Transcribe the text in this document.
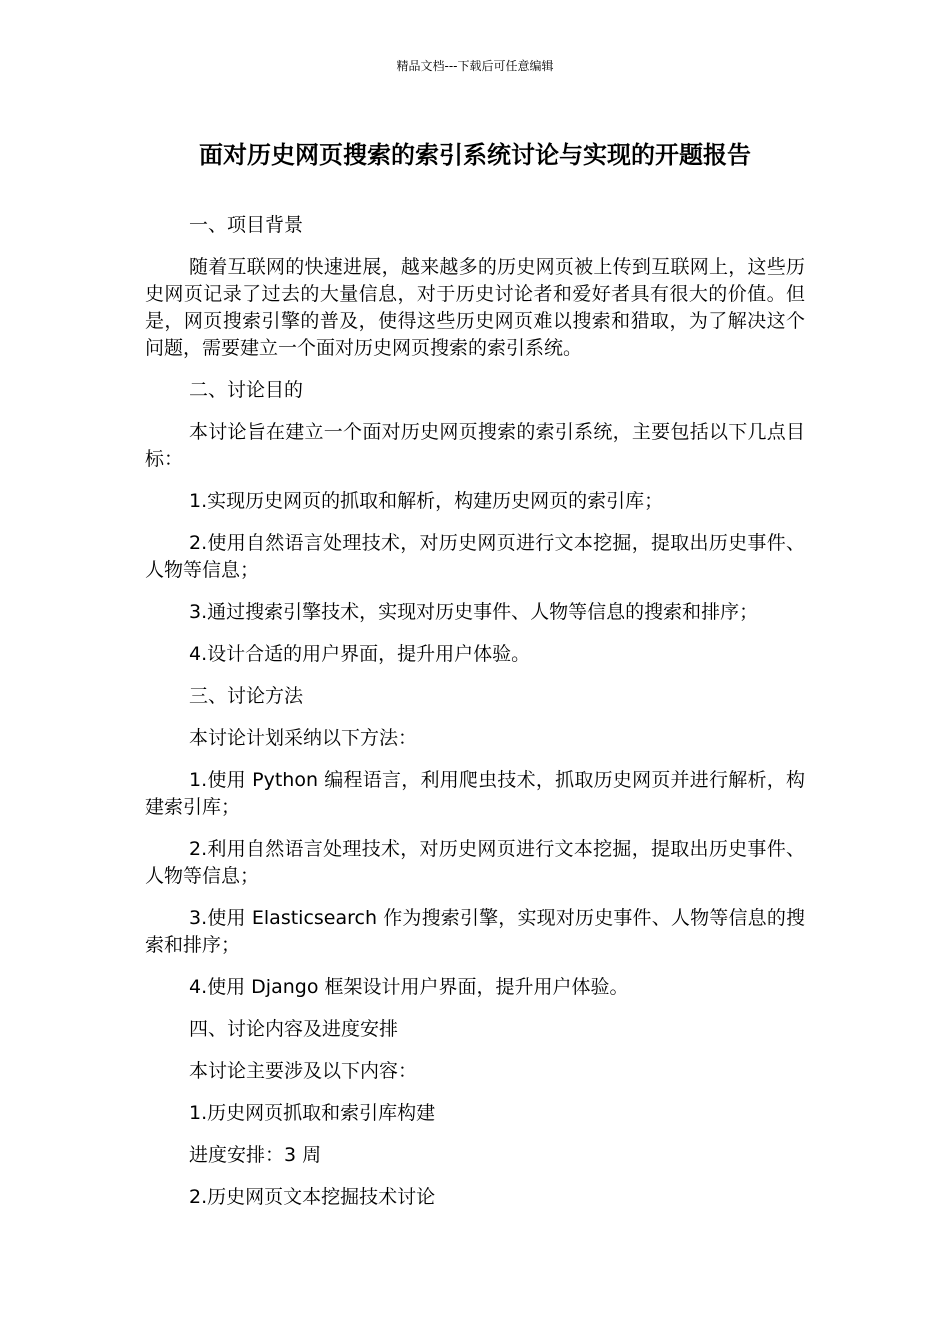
精品文档---下载后可任意编辑
面对历史网页搜索的索引系统讨论与实现的开题报告

一、项目背景

随着互联网的快速进展，越来越多的历史网页被上传到互联网上，这些历史网页记录了过去的大量信息，对于历史讨论者和爱好者具有很大的价值。但是，网页搜索引擎的普及，使得这些历史网页难以搜索和猎取，为了解决这个问题，需要建立一个面对历史网页搜索的索引系统。

二、讨论目的

本讨论旨在建立一个面对历史网页搜索的索引系统，主要包括以下几点目标：

1.实现历史网页的抓取和解析，构建历史网页的索引库；

2.使用自然语言处理技术，对历史网页进行文本挖掘，提取出历史事件、人物等信息；

3.通过搜索引擎技术，实现对历史事件、人物等信息的搜索和排序；

4.设计合适的用户界面，提升用户体验。

三、讨论方法

本讨论计划采纳以下方法：

1.使用 Python 编程语言，利用爬虫技术，抓取历史网页并进行解析，构建索引库；

2.利用自然语言处理技术，对历史网页进行文本挖掘，提取出历史事件、人物等信息；

3.使用 Elasticsearch 作为搜索引擎，实现对历史事件、人物等信息的搜索和排序；

4.使用 Django 框架设计用户界面，提升用户体验。

四、讨论内容及进度安排

本讨论主要涉及以下内容：

1.历史网页抓取和索引库构建

进度安排：3 周

2.历史网页文本挖掘技术讨论
